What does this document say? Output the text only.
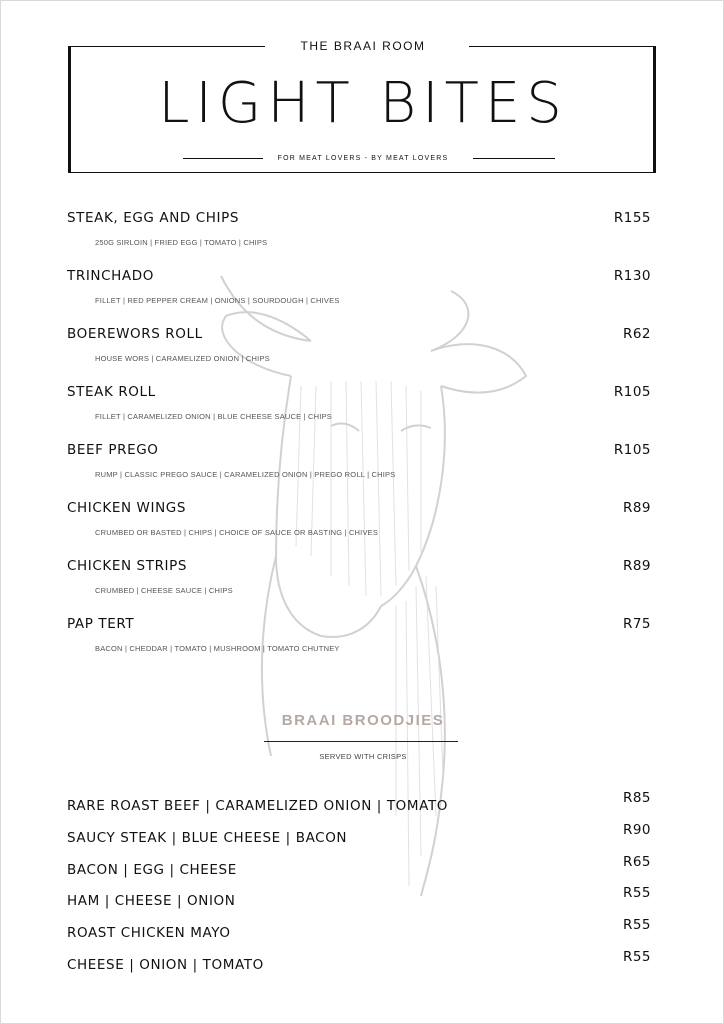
THE BRAAI ROOM
LIGHT BITES
FOR MEAT LOVERS - BY MEAT LOVERS
STEAK, EGG AND CHIPS	R155
250G SIRLOIN | FRIED EGG | TOMATO | CHIPS
TRINCHADO	R130
FILLET | RED PEPPER CREAM | ONIONS | SOURDOUGH | CHIVES
BOEREWORS ROLL	R62
HOUSE WORS | CARAMELIZED ONION | CHIPS
STEAK ROLL	R105
FILLET | CARAMELIZED ONION | BLUE CHEESE SAUCE | CHIPS
BEEF PREGO	R105
RUMP | CLASSIC PREGO SAUCE | CARAMELIZED ONION | PREGO ROLL | CHIPS
CHICKEN WINGS	R89
CRUMBED OR BASTED | CHIPS | CHOICE OF SAUCE OR BASTING | CHIVES
CHICKEN STRIPS	R89
CRUMBED | CHEESE SAUCE | CHIPS
PAP TERT	R75
BACON | CHEDDAR | TOMATO | MUSHROOM | TOMATO CHUTNEY
BRAAI BROODJIES
SERVED WITH CRISPS
RARE ROAST BEEF | CARAMELIZED ONION | TOMATO	R85
SAUCY STEAK | BLUE CHEESE | BACON	R90
BACON | EGG | CHEESE	R65
HAM | CHEESE | ONION	R55
ROAST CHICKEN MAYO	R55
CHEESE | ONION | TOMATO	R55
